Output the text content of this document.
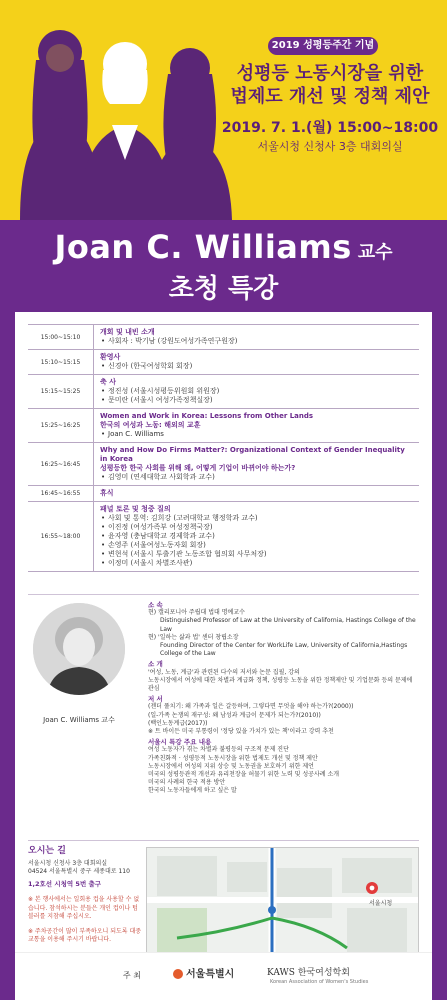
2019 성평등주간 기념
성평등 노동시장을 위한
법제도 개선 및 정책 제안
2019. 7. 1.(월) 15:00~18:00
서울시청 신청사 3층 대회의실
Joan C. Williams 교수
초청 특강
15:00~15:10
개회 및 내빈 소개
• 사회자 : 박기남 (강원도여성가족연구원장)
15:10~15:15
환영사
• 신경아 (한국여성학회 회장)
15:15~15:25
축 사
• 정진성 (서울시성평등위원회 위원장)
• 문미란 (서울시 여성가족정책실장)
15:25~16:25
Women and Work in Korea: Lessons from Other Lands
한국의 여성과 노동: 해외의 교훈
• Joan C. Williams
16:25~16:45
Why and How Do Firms Matter?: Organizational Context of Gender Inequality in Korea
성평등한 한국 사회를 위해 왜, 어떻게 기업이 바뀌어야 하는가?
• 김영미 (연세대학교 사회학과 교수)
16:45~16:55	휴식
16:55~18:00
패널 토론 및 청중 질의
• 사회 및 통역: 김희강 (고려대학교 행정학과 교수)
• 이진정 (여성가족부 여성정책국장)
• 윤자영 (충남대학교 경제학과 교수)
• 손영주 (서울여성노동자회 회장)
• 변현석 (서울시 투출기관 노동조합 협의회 사무처장)
• 이정미 (서울시 차별조사관)
Joan C. Williams 교수
소 속
현) 캘리포니아 주립대 법대 명예교수
Distinguished Professor of Law at the University of California, Hastings College of the Law
현) '일하는 삶과 법' 센터 창립소장
Founding Director of the Center for WorkLife Law, University of California,Hastings College of the Law
소 개
'여성, 노동, 계급'과 관련된 다수의 저서와 논문 집필, 강의
노동시장에서 여성에 대한 차별과 계급화 정책, 성평등 노동을 위한 정책제안 및 기업문화 등의 문제에 관심
저 서
(젠더 풀치기: 왜 가족과 일은 갈등하며, 그렇다면 무엇을 해야 하는가?(2000))
(일-가족 논쟁의 재구성: 왜 남성과 계급이 문제가 되는가?(2010))
(백인노동계급(2017))
※ 트 바이든 미국 부통령이 '정당 있을 가치가 있는 책'이라고 강력 추천
서울시 특강 주요 내용
여성 노동자가 겪는 차별과 불평등의 구조적 문제 진단
가족친화적 · 성평등적 노동시장을 위한 법제도 개선 및 정책 제안
노동시장에서 여성의 지위 상승 및 노동권을 보호하기 위한 제언
미국의 성평등관적 개선과 유리천장을 허물기 위한 노력 및 성공사례 소개
미국의 사례의 한국 적용 방안
한국의 노동자들에게 하고 싶은 말
오시는 길
서울시청 신청사 3층 대회의실
04524 서울특별시 중구 세종대로 110
1,2호선 시청역 5번 출구
※ 본 행사에서는 일회용 컵을 사용할 수 없습니다. 참석하시는 분들은 개인 컵이나 텀블러를 지참해 주십시오.
※ 주차공간이 많이 부족하오니 되도록 대중교통을 이용해 주시기 바랍니다.
서울시청
주 최	서울특별시	KAWS 한국여성학회
Korean Association of Women's Studies
